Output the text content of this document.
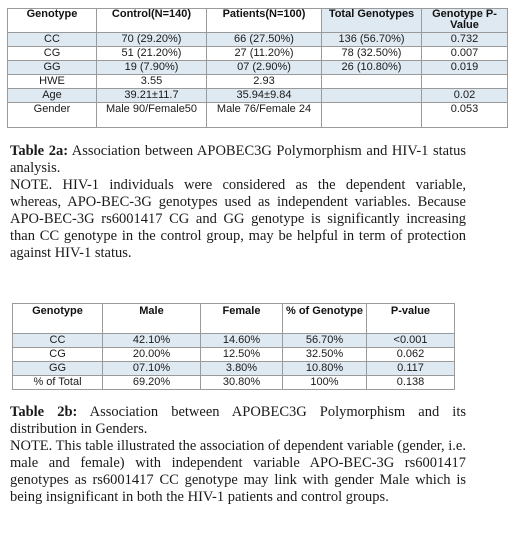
Genotype	Control(N=140)	Patients(N=100)	Total Genotypes	Genotype P-Value
CC	70 (29.20%)	66 (27.50%)	136 (56.70%)	0.732
CG	51 (21.20%)	27 (11.20%)	78 (32.50%)	0.007
GG	19 (7.90%)	07 (2.90%)	26 (10.80%)	0.019
HWE	3.55	2.93		
Age	39.21±11.7	35.94±9.84		0.02
Gender	Male 90/Female50	Male 76/Female 24		0.053
Table 2a: Association between APOBEC3G Polymorphism and HIV-1 status analysis.
NOTE. HIV-1 individuals were considered as the dependent variable, whereas, APO-BEC-3G genotypes used as independent variables. Because APO-BEC-3G rs6001417 CG and GG genotype is significantly increasing than CC genotype in the control group, may be helpful in term of protection against HIV-1 status.
Genotype	Male	Female	% of Genotype	P-value
CC	42.10%	14.60%	56.70%	<0.001
CG	20.00%	12.50%	32.50%	0.062
GG	07.10%	3.80%	10.80%	0.117
% of Total	69.20%	30.80%	100%	0.138
Table 2b: Association between APOBEC3G Polymorphism and its distribution in Genders.
NOTE. This table illustrated the association of dependent variable (gender, i.e. male and female) with independent variable APO-BEC-3G rs6001417 genotypes as rs6001417 CC genotype may link with gender Male which is being insignificant in both the HIV-1 patients and control groups.
